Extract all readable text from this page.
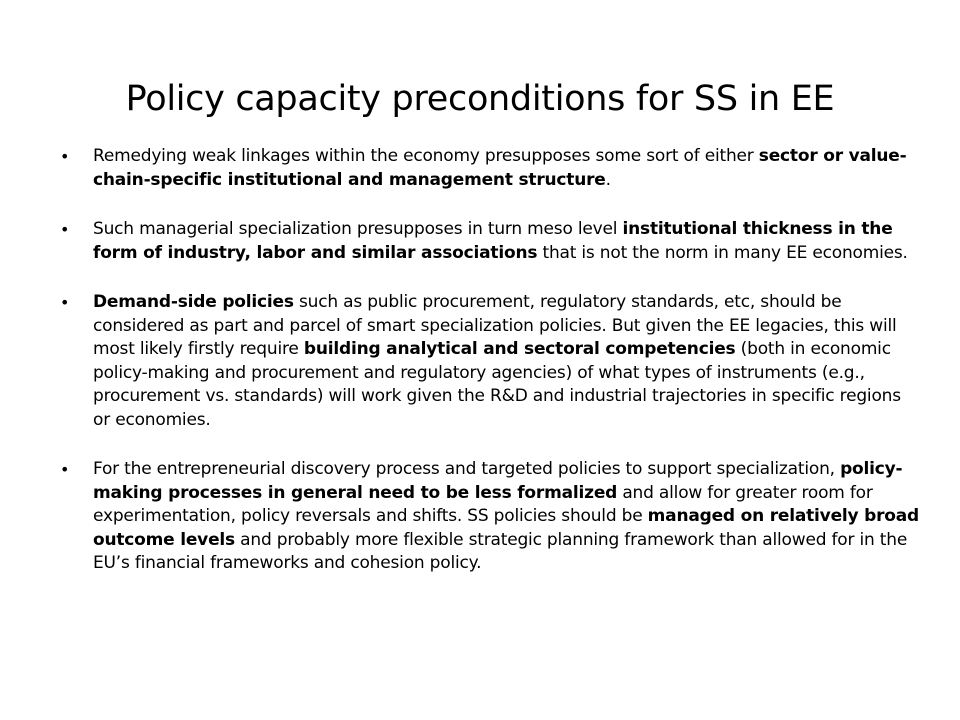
Policy capacity preconditions for SS in EE
• Remedying weak linkages within the economy presupposes some sort of either sector or value-chain-specific institutional and management structure.
• Such managerial specialization presupposes in turn meso level institutional thickness in the form of industry, labor and similar associations that is not the norm in many EE economies.
• Demand-side policies such as public procurement, regulatory standards, etc, should be considered as part and parcel of smart specialization policies. But given the EE legacies, this will most likely firstly require building analytical and sectoral competencies (both in economic policy-making and procurement and regulatory agencies) of what types of instruments (e.g., procurement vs. standards) will work given the R&D and industrial trajectories in specific regions or economies.
• For the entrepreneurial discovery process and targeted policies to support specialization, policy-making processes in general need to be less formalized and allow for greater room for experimentation, policy reversals and shifts. SS policies should be managed on relatively broad outcome levels and probably more flexible strategic planning framework than allowed for in the EU’s financial frameworks and cohesion policy.
